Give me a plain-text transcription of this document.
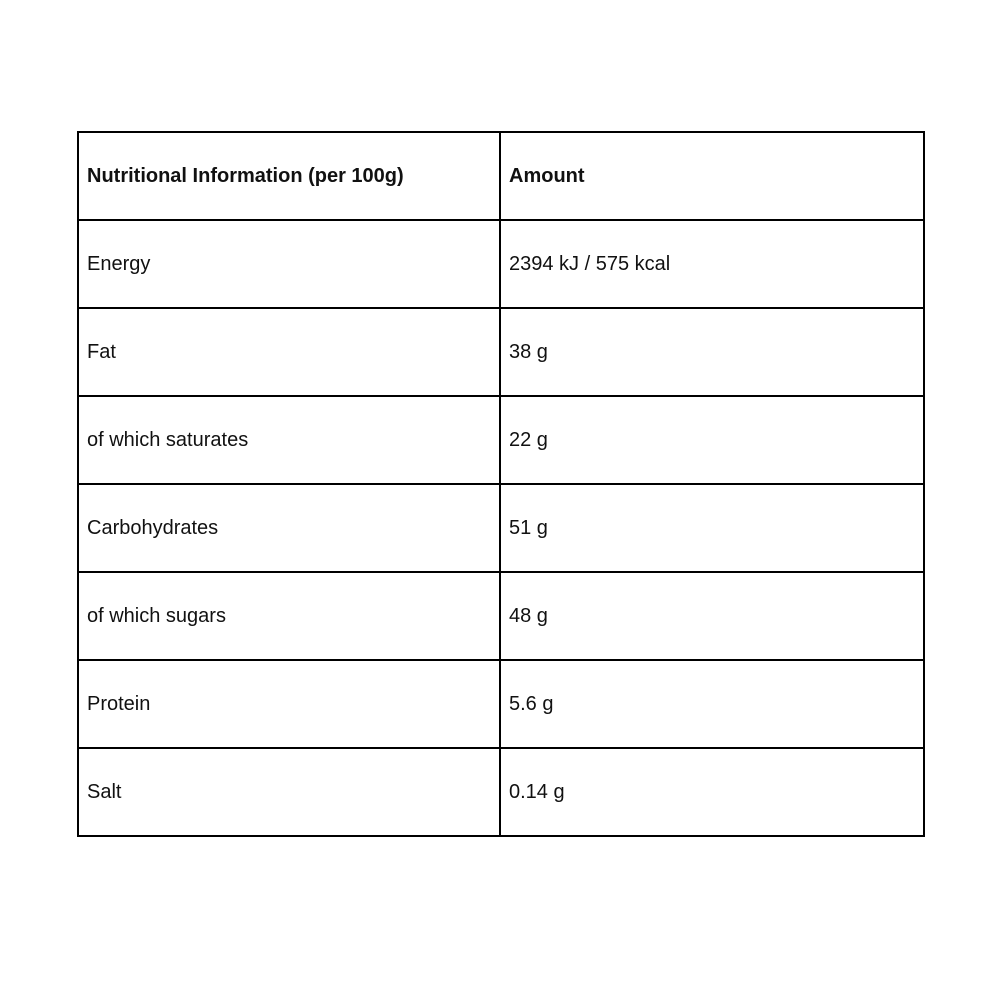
Nutritional Information (per 100g)	Amount
Energy	2394 kJ / 575 kcal
Fat	38 g
of which saturates	22 g
Carbohydrates	51 g
of which sugars	48 g
Protein	5.6 g
Salt	0.14 g
